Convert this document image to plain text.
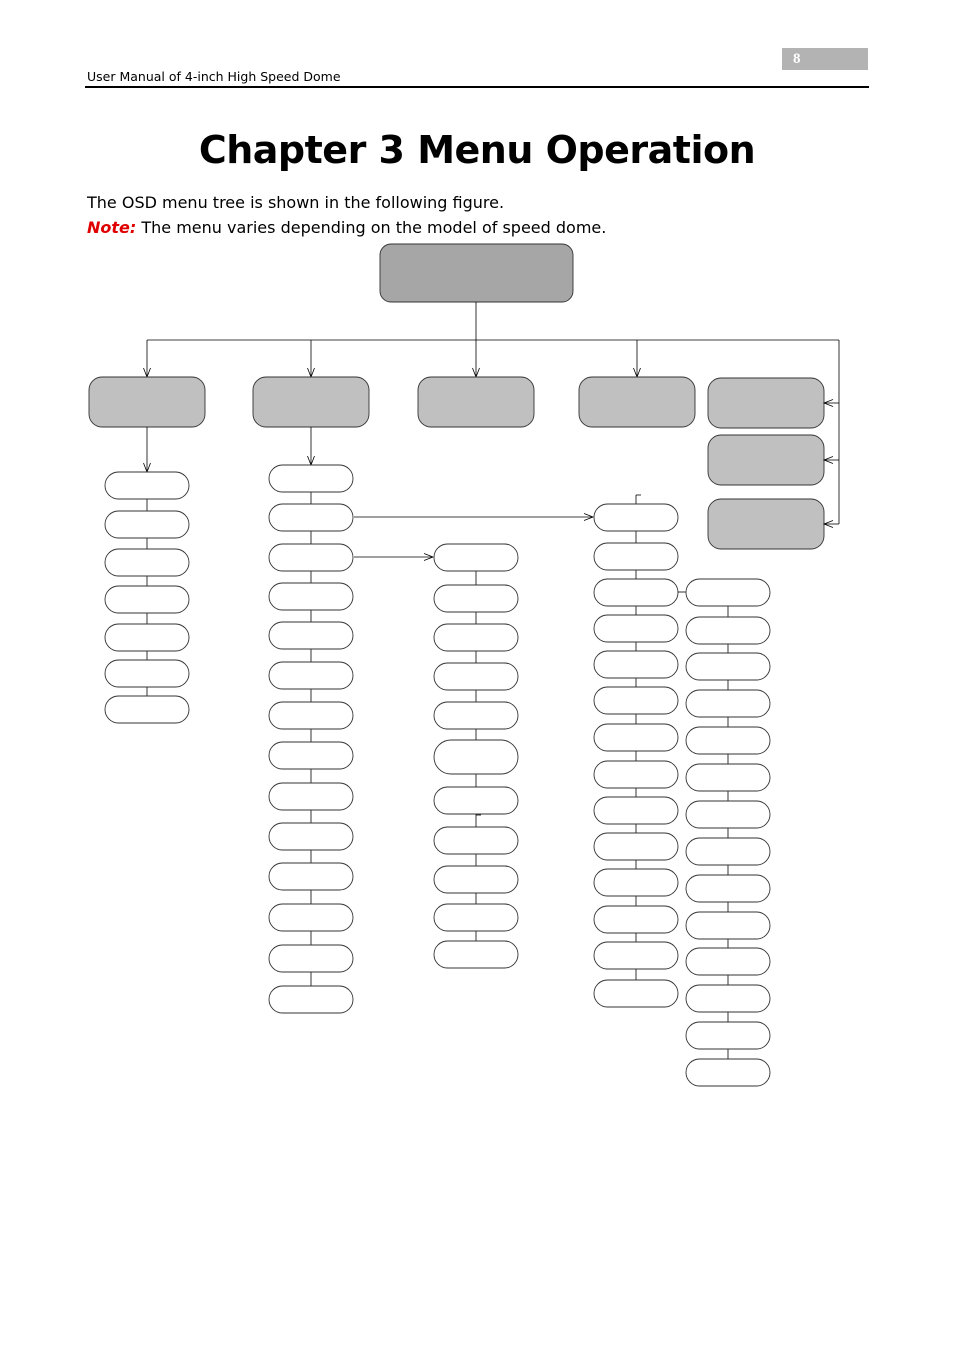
8
User Manual of 4-inch High Speed Dome
Chapter 3 Menu Operation

The OSD menu tree is shown in the following figure.

Note: The menu varies depending on the model of speed dome.
